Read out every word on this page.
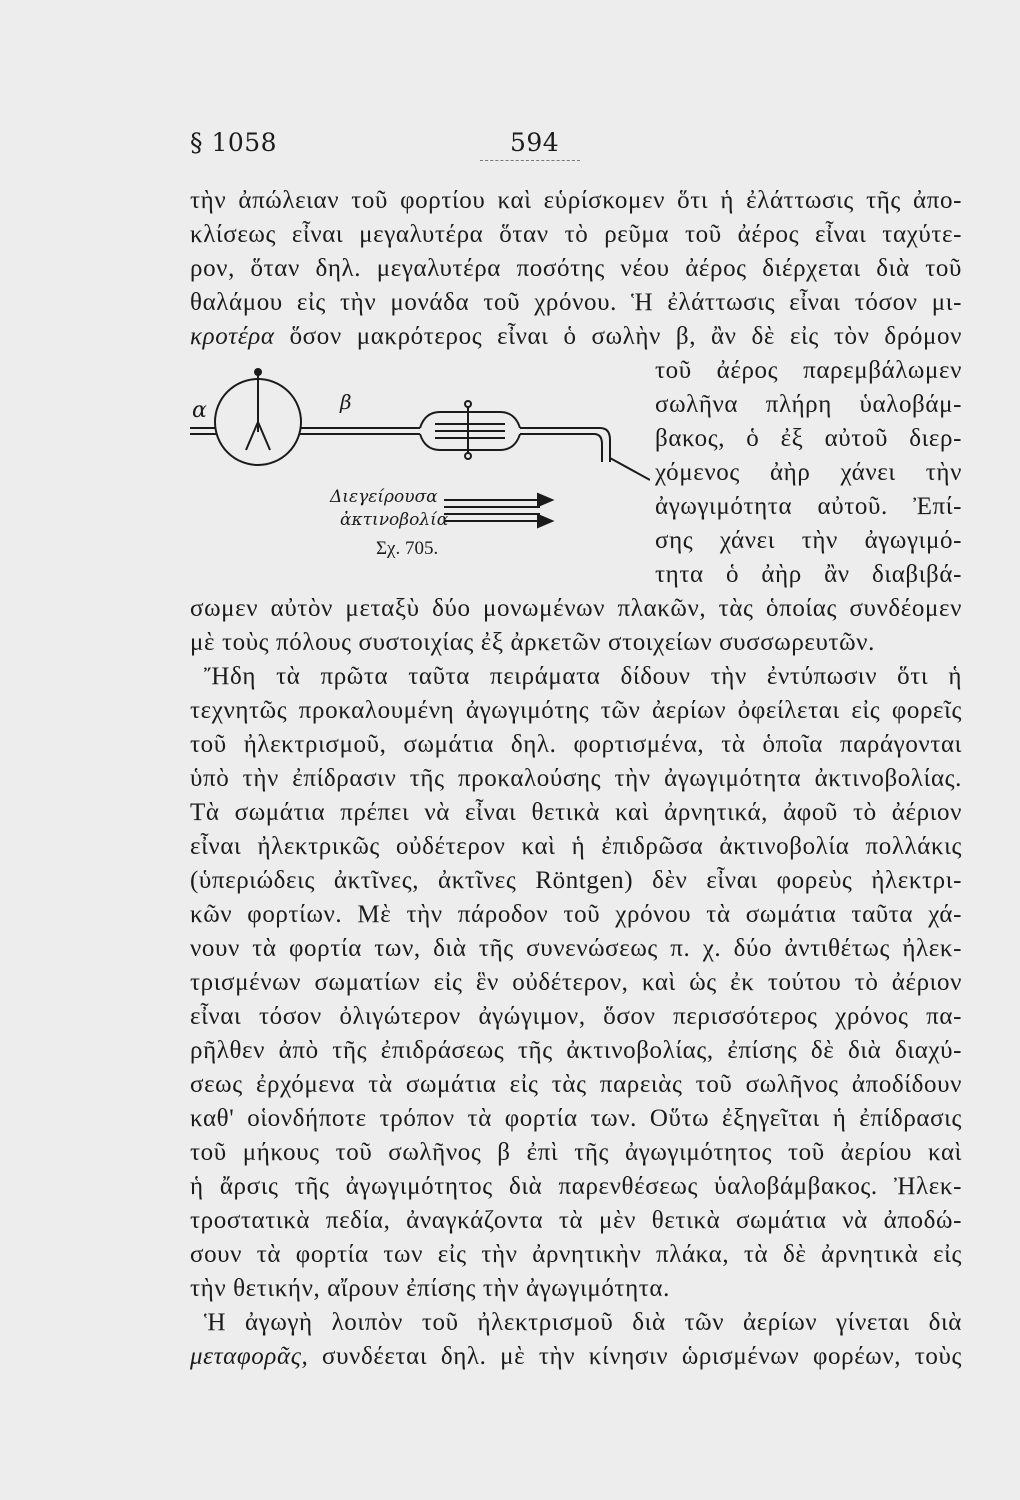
§ 1058	594
τὴν ἀπώλειαν τοῦ φορτίου καὶ εὑρίσκομεν ὅτι ἡ ἐλάττωσις τῆς ἀπο-
κλίσεως εἶναι μεγαλυτέρα ὅταν τὸ ρεῦμα τοῦ ἀέρος εἶναι ταχύτε-
ρον, ὅταν δηλ. μεγαλυτέρα ποσότης νέου ἀέρος διέρχεται διὰ τοῦ
θαλάμου εἰς τὴν μονάδα τοῦ χρόνου. Ἡ ἐλάττωσις εἶναι τόσον μι-
κροτέρα ὅσον μακρότερος εἶναι ὁ σωλὴν β, ἂν δὲ εἰς τὸν δρόμον
α	β
Διεγείρουσα
ἀκτινοβολία
Σχ. 705.
τοῦ ἀέρος παρεμβάλωμεν
σωλῆνα πλήρη ὑαλοβάμ-
βακος, ὁ ἐξ αὐτοῦ διερ-
χόμενος ἀὴρ χάνει τὴν
ἀγωγιμότητα αὐτοῦ. Ἐπί-
σης χάνει τὴν ἀγωγιμό-
τητα ὁ ἀὴρ ἂν διαβιβά-
σωμεν αὐτὸν μεταξὺ δύο μονωμένων πλακῶν, τὰς ὁποίας συνδέομεν
μὲ τοὺς πόλους συστοιχίας ἐξ ἀρκετῶν στοιχείων συσσωρευτῶν.
Ἤδη τὰ πρῶτα ταῦτα πειράματα δίδουν τὴν ἐντύπωσιν ὅτι ἡ
τεχνητῶς προκαλουμένη ἀγωγιμότης τῶν ἀερίων ὀφείλεται εἰς φορεῖς
τοῦ ἠλεκτρισμοῦ, σωμάτια δηλ. φορτισμένα, τὰ ὁποῖα παράγονται
ὑπὸ τὴν ἐπίδρασιν τῆς προκαλούσης τὴν ἀγωγιμότητα ἀκτινοβολίας.
Τὰ σωμάτια πρέπει νὰ εἶναι θετικὰ καὶ ἀρνητικά, ἀφοῦ τὸ ἀέριον
εἶναι ἠλεκτρικῶς οὐδέτερον καὶ ἡ ἐπιδρῶσα ἀκτινοβολία πολλάκις
(ὑπεριώδεις ἀκτῖνες, ἀκτῖνες Röntgen) δὲν εἶναι φορεὺς ἠλεκτρι-
κῶν φορτίων. Μὲ τὴν πάροδον τοῦ χρόνου τὰ σωμάτια ταῦτα χά-
νουν τὰ φορτία των, διὰ τῆς συνενώσεως π. χ. δύο ἀντιθέτως ἠλεκ-
τρισμένων σωματίων εἰς ἓν οὐδέτερον, καὶ ὡς ἐκ τούτου τὸ ἀέριον
εἶναι τόσον ὀλιγώτερον ἀγώγιμον, ὅσον περισσότερος χρόνος πα-
ρῆλθεν ἀπὸ τῆς ἐπιδράσεως τῆς ἀκτινοβολίας, ἐπίσης δὲ διὰ διαχύ-
σεως ἐρχόμενα τὰ σωμάτια εἰς τὰς παρειὰς τοῦ σωλῆνος ἀποδίδουν
καθ' οἱονδήποτε τρόπον τὰ φορτία των. Οὕτω ἐξηγεῖται ἡ ἐπίδρασις
τοῦ μήκους τοῦ σωλῆνος β ἐπὶ τῆς ἀγωγιμότητος τοῦ ἀερίου καὶ
ἡ ἄρσις τῆς ἀγωγιμότητος διὰ παρενθέσεως ὑαλοβάμβακος. Ἠλεκ-
τροστατικὰ πεδία, ἀναγκάζοντα τὰ μὲν θετικὰ σωμάτια νὰ ἀποδώ-
σουν τὰ φορτία των εἰς τὴν ἀρνητικὴν πλάκα, τὰ δὲ ἀρνητικὰ εἰς
τὴν θετικήν, αἴρουν ἐπίσης τὴν ἀγωγιμότητα.
Ἡ ἀγωγὴ λοιπὸν τοῦ ἠλεκτρισμοῦ διὰ τῶν ἀερίων γίνεται διὰ
μεταφορᾶς, συνδέεται δηλ. μὲ τὴν κίνησιν ὡρισμένων φορέων, τοὺς
